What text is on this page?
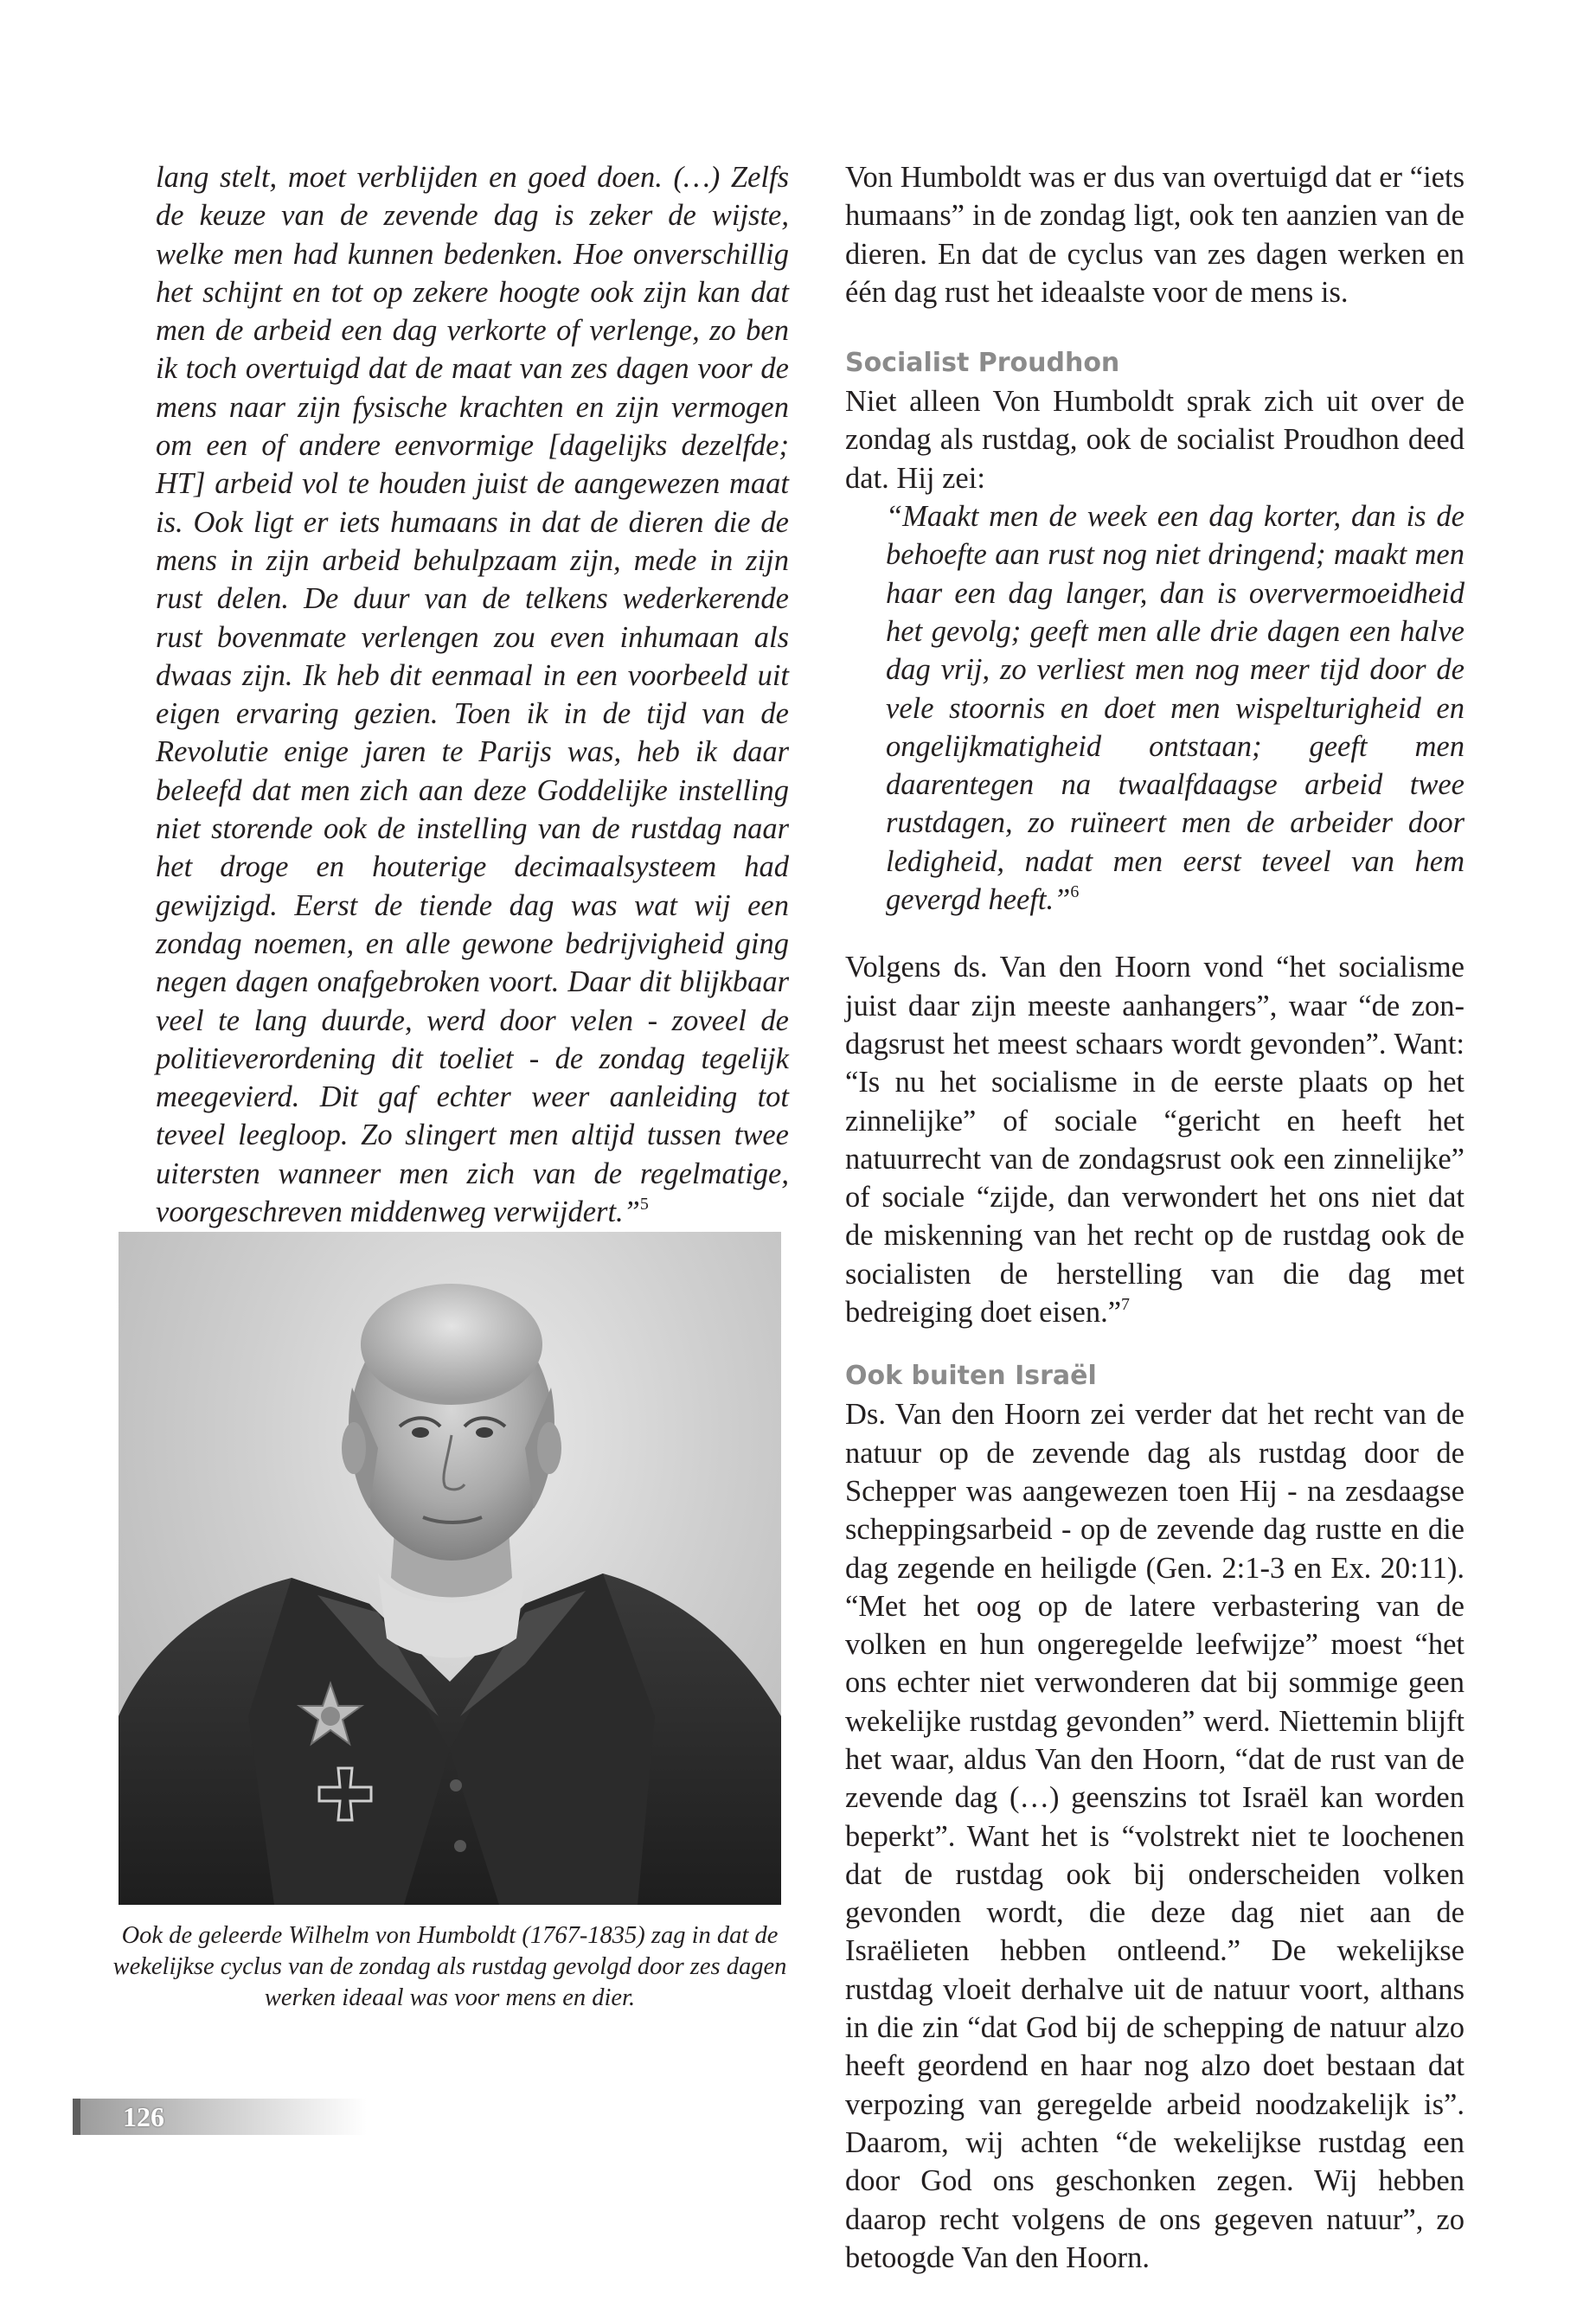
lang stelt, moet verblijden en goed doen. (…) Zelfs de keuze van de zevende dag is zeker de wijste, welke men had kunnen bedenken. Hoe onverschillig het schijnt en tot op zekere hoogte ook zijn kan dat men de arbeid een dag verkorte of verlenge, zo ben ik toch overtuigd dat de maat van zes dagen voor de mens naar zijn fysische krachten en zijn vermogen om een of andere eenvormige [dagelijks dezelfde; HT] arbeid vol te houden juist de aangewezen maat is. Ook ligt er iets humaans in dat de dieren die de mens in zijn arbeid behulpzaam zijn, mede in zijn rust delen. De duur van de telkens wederkerende rust bovenmate verlengen zou even inhumaan als dwaas zijn. Ik heb dit eenmaal in een voorbeeld uit eigen ervaring gezien. Toen ik in de tijd van de Revolutie enige jaren te Parijs was, heb ik daar beleefd dat men zich aan deze Goddelijke instelling niet storende ook de instelling van de rustdag naar het droge en houterige decimaalsysteem had gewijzigd. Eerst de tiende dag was wat wij een zondag noemen, en alle gewone bedrijvigheid ging negen dagen onafgebroken voort. Daar dit blijkbaar veel te lang duurde, werd door velen - zoveel de politieverordening dit toeliet - de zondag tegelijk meegevierd. Dit gaf echter weer aanleiding tot teveel leegloop. Zo slingert men altijd tussen twee uitersten wanneer men zich van de regelmatige, voorgeschreven middenweg verwijdert.”$^5$

Ook de geleerde Wilhelm von Humboldt (1767-1835) zag in dat de wekelijkse cyclus van de zondag als rustdag gevolgd door zes dagen werken ideaal was voor mens en dier.

Von Humboldt was er dus van overtuigd dat er “iets humaans” in de zondag ligt, ook ten aanzien van de dieren. En dat de cyclus van zes dagen werken en één dag rust het ideaalste voor de mens is.

Socialist Proudhon

Niet alleen Von Humboldt sprak zich uit over de zondag als rustdag, ook de socialist Proudhon deed dat. Hij zei:

“Maakt men de week een dag korter, dan is de behoefte aan rust nog niet dringend; maakt men haar een dag langer, dan is oververmoeidheid het gevolg; geeft men alle drie dagen een halve dag vrij, zo verliest men nog meer tijd door de vele stoornis en doet men wispelturigheid en ongelijkmatigheid ontstaan; geeft men daarentegen na twaalfdaagse arbeid twee rustdagen, zo ruïneert men de arbeider door ledigheid, nadat men eerst teveel van hem gevergd heeft.”$^6$

Volgens ds. Van den Hoorn vond “het socialisme juist daar zijn meeste aanhangers”, waar “de zondagsrust het meest schaars wordt gevonden”. Want: “Is nu het socialisme in de eerste plaats op het zinnelijke” of sociale “gericht en heeft het natuurrecht van de zondagsrust ook een zinnelijke” of sociale “zijde, dan verwondert het ons niet dat de miskenning van het recht op de rustdag ook de socialisten de herstelling van die dag met bedreiging doet eisen.”$^7$

Ook buiten Israël

Ds. Van den Hoorn zei verder dat het recht van de natuur op de zevende dag als rustdag door de Schepper was aangewezen toen Hij - na zesdaagse scheppingsarbeid - op de zevende dag rustte en die dag zegende en heiligde (Gen. 2:1-3 en Ex. 20:11). “Met het oog op de latere verbastering van de volken en hun ongeregelde leefwijze” moest “het ons echter niet verwonderen dat bij sommige geen wekelijke rustdag gevonden” werd. Niettemin blijft het waar, aldus Van den Hoorn, “dat de rust van de zevende dag (…) geenszins tot Israël kan worden beperkt”. Want het is “volstrekt niet te loochenen dat de rustdag ook bij onderscheiden volken gevonden wordt, die deze dag niet aan de Israëlieten hebben ontleend.” De wekelijkse rustdag vloeit derhalve uit de natuur voort, althans in die zin “dat God bij de schepping de natuur alzo heeft geordend en haar nog alzo doet bestaan dat verpozing van geregelde arbeid noodzakelijk is”. Daarom, wij achten “de wekelijkse rustdag een door God ons geschonken zegen. Wij hebben daarop recht volgens de ons gegeven natuur”, zo betoogde Van den Hoorn.

126
